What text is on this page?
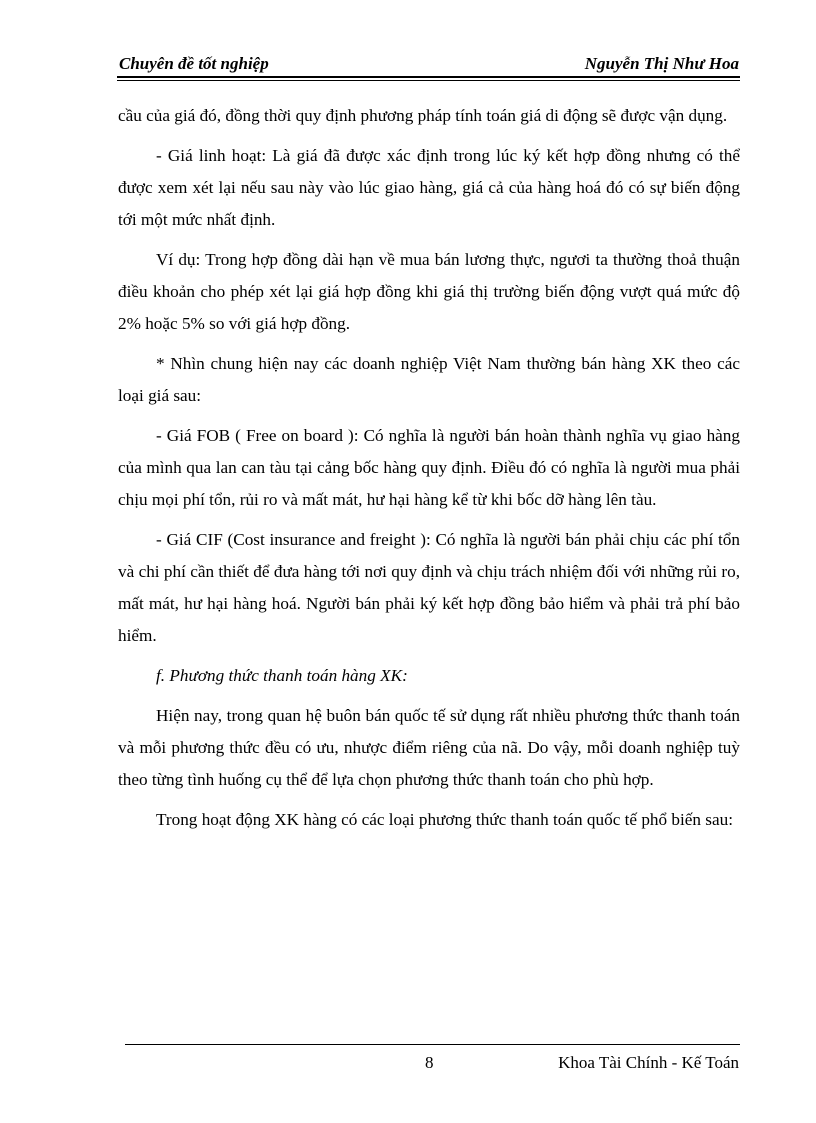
Chuyên đề tốt nghiệp	Nguyễn Thị Như Hoa

cầu của giá đó, đồng thời quy định phương pháp tính toán giá di động sẽ được vận dụng.

- Giá linh hoạt: Là giá đã được xác định trong lúc ký kết hợp đồng nhưng có thể được xem xét lại nếu sau này vào lúc giao hàng, giá cả của hàng hoá đó có sự biến động tới một mức nhất định.

Ví dụ: Trong hợp đồng dài hạn về mua bán lương thực, ngươi ta thường thoả thuận điều khoản cho phép xét lại giá hợp đồng khi giá thị trường biến động vượt quá mức độ 2% hoặc 5% so với giá hợp đồng.

* Nhìn chung hiện nay các doanh nghiệp Việt Nam thường bán hàng XK theo các loại giá sau:

- Giá FOB ( Free on board ): Có nghĩa là người bán hoàn thành nghĩa vụ giao hàng của mình qua lan can tàu tại cảng bốc hàng quy định. Điều đó có nghĩa là người mua phải chịu mọi phí tổn, rủi ro và mất mát, hư hại hàng kể từ khi bốc dỡ hàng lên tàu.

- Giá CIF (Cost insurance and freight ): Có nghĩa là người bán phải chịu các phí tổn và chi phí cần thiết để đưa hàng tới nơi quy định và chịu trách nhiệm đối với những rủi ro, mất mát, hư hại hàng hoá. Người bán phải ký kết hợp đồng bảo hiểm và phải trả phí bảo hiểm.

f. Phương thức thanh toán hàng XK:

Hiện nay, trong quan hệ buôn bán quốc tế sử dụng rất nhiều phương thức thanh toán và mỗi phương thức đều có ưu, nhược điểm riêng của nã. Do vậy, mỗi doanh nghiệp tuỳ theo từng tình huống cụ thể để lựa chọn phương thức thanh toán cho phù hợp.

Trong hoạt động XK hàng có các loại phương thức thanh toán quốc tế phổ biến sau:

8	Khoa Tài Chính - Kế Toán
